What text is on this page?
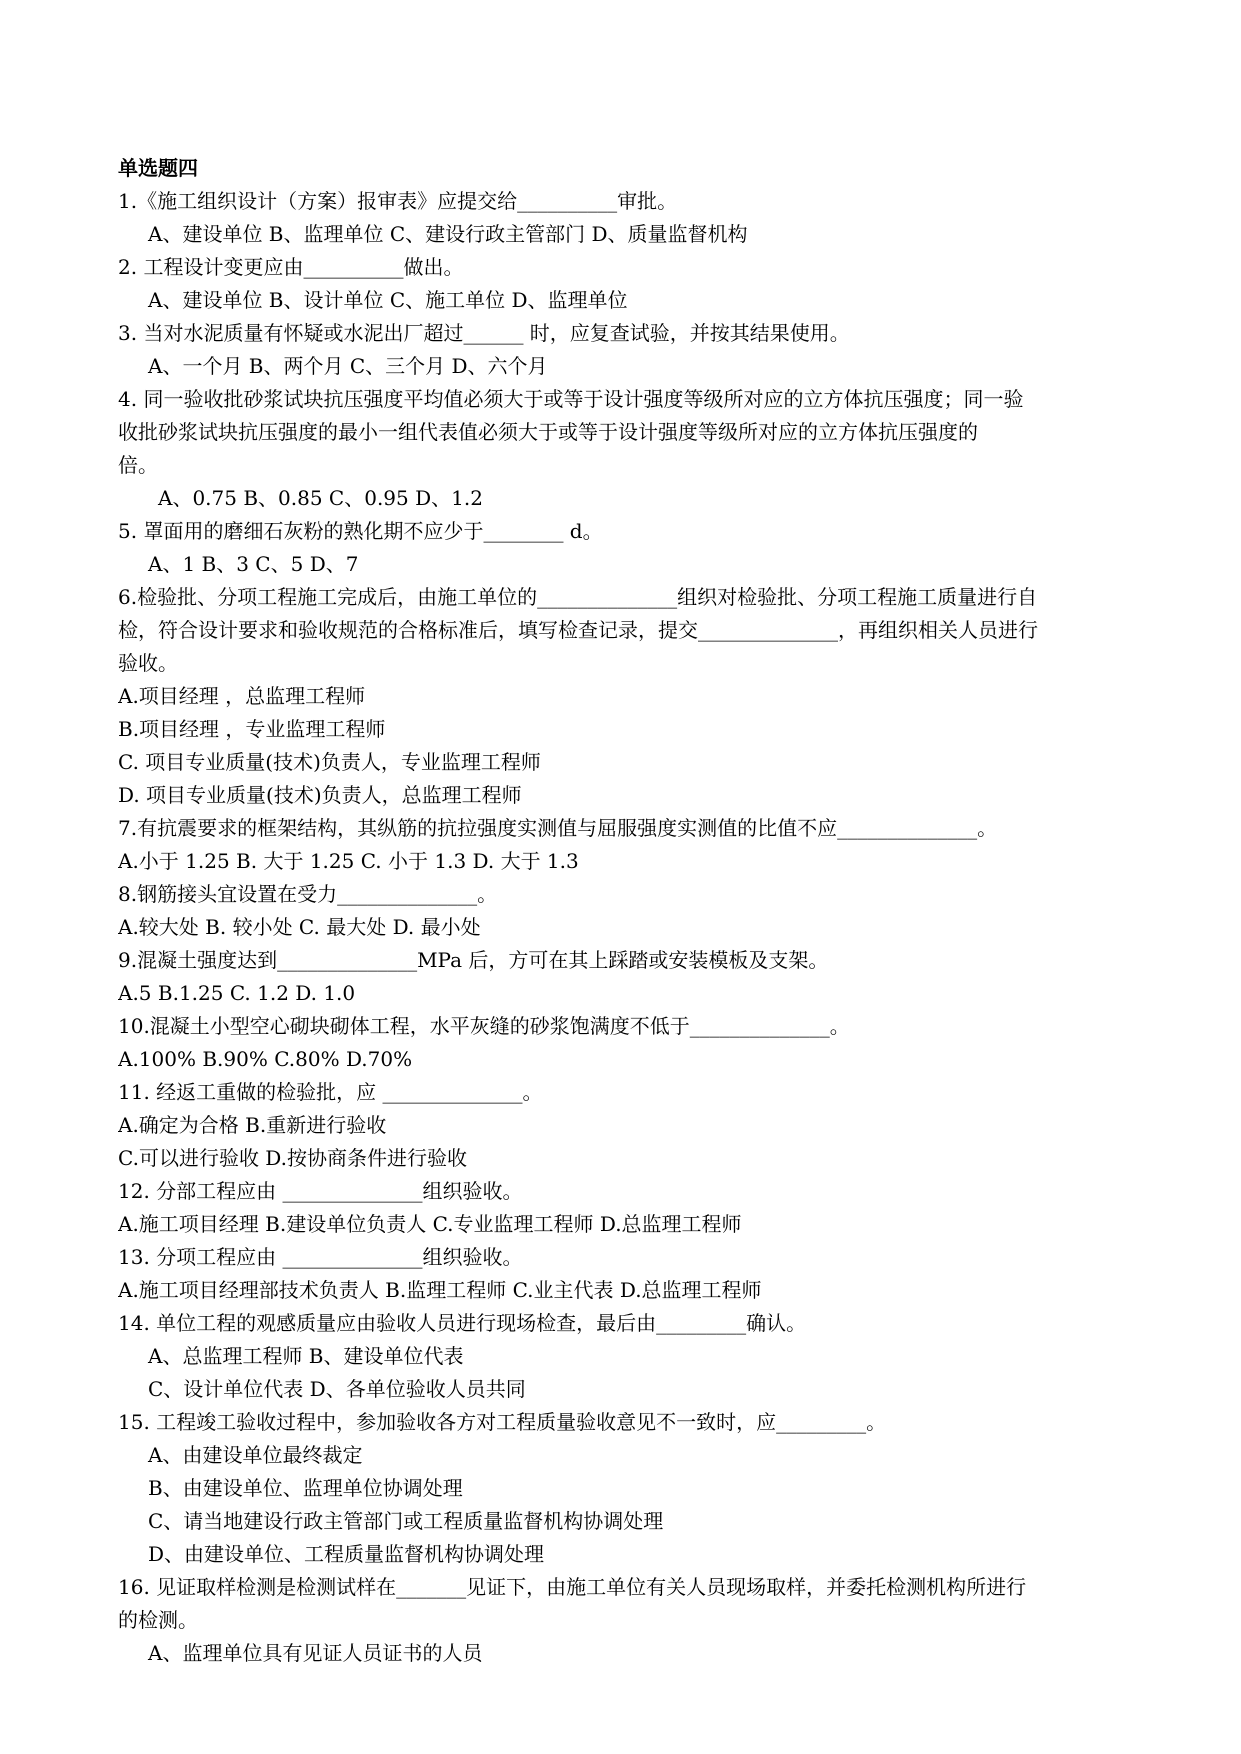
单选题四
1.《施工组织设计（方案）报审表》应提交给__________审批。
A、建设单位 B、监理单位 C、建设行政主管部门 D、质量监督机构
2. 工程设计变更应由__________做出。
A、建设单位 B、设计单位 C、施工单位 D、监理单位
3. 当对水泥质量有怀疑或水泥出厂超过______ 时，应复查试验，并按其结果使用。
A、一个月 B、两个月 C、三个月 D、六个月
4. 同一验收批砂浆试块抗压强度平均值必须大于或等于设计强度等级所对应的立方体抗压强度；同一验
收批砂浆试块抗压强度的最小一组代表值必须大于或等于设计强度等级所对应的立方体抗压强度的
倍。
A、0.75 B、0.85 C、0.95 D、1.2
5. 罩面用的磨细石灰粉的熟化期不应少于________ d。
A、1 B、3 C、5 D、7
6.检验批、分项工程施工完成后，由施工单位的______________组织对检验批、分项工程施工质量进行自
检，符合设计要求和验收规范的合格标准后，填写检查记录，提交______________，再组织相关人员进行
验收。
A.项目经理 ，总监理工程师
B.项目经理 ，专业监理工程师
C. 项目专业质量(技术)负责人，专业监理工程师
D. 项目专业质量(技术)负责人，总监理工程师
7.有抗震要求的框架结构，其纵筋的抗拉强度实测值与屈服强度实测值的比值不应______________。
A.小于 1.25 B. 大于 1.25 C. 小于 1.3 D. 大于 1.3
8.钢筋接头宜设置在受力______________。
A.较大处 B. 较小处 C. 最大处 D. 最小处
9.混凝土强度达到______________MPa 后，方可在其上踩踏或安装模板及支架。
A.5 B.1.25 C. 1.2 D. 1.0
10.混凝土小型空心砌块砌体工程，水平灰缝的砂浆饱满度不低于______________。
A.100% B.90% C.80% D.70%
11. 经返工重做的检验批，应 ______________。
A.确定为合格 B.重新进行验收
C.可以进行验收 D.按协商条件进行验收
12. 分部工程应由 ______________组织验收。
A.施工项目经理 B.建设单位负责人 C.专业监理工程师 D.总监理工程师
13. 分项工程应由 ______________组织验收。
A.施工项目经理部技术负责人 B.监理工程师 C.业主代表 D.总监理工程师
14. 单位工程的观感质量应由验收人员进行现场检查，最后由_________确认。
A、总监理工程师 B、建设单位代表
C、设计单位代表 D、各单位验收人员共同
15. 工程竣工验收过程中，参加验收各方对工程质量验收意见不一致时，应_________。
A、由建设单位最终裁定
B、由建设单位、监理单位协调处理
C、请当地建设行政主管部门或工程质量监督机构协调处理
D、由建设单位、工程质量监督机构协调处理
16. 见证取样检测是检测试样在_______见证下，由施工单位有关人员现场取样，并委托检测机构所进行
的检测。
A、监理单位具有见证人员证书的人员
